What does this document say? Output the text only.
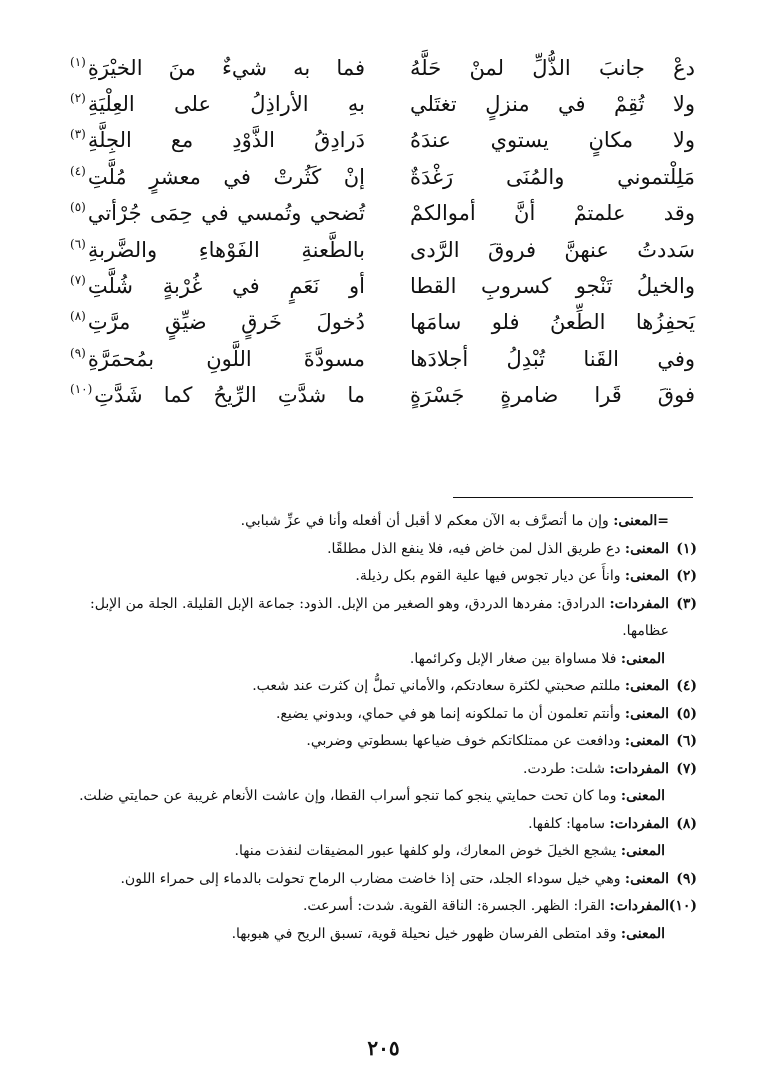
دعْ جانبَ الذُّلِّ لمنْ حَلَّهُ
فما به شيءٌ منَ الخيْرَةِ$^{(١)}$
ولا تُقِمْ في منزلٍ تغتَلي
بهِ الأراذِلُ على العِلْيَةِ$^{(٢)}$
ولا مكانٍ يستوي عندَهُ
دَرادِقُ الذَّوْدِ مع الجِلَّةِ$^{(٣)}$
مَلِلْتموني والمُنَى رَغْدَةٌ
إنْ كَثُرتْ في معشرٍ مُلَّتِ$^{(٤)}$
وقد علمتمْ أنَّ أموالكمْ
تُضحي وتُمسي في حِمَى جُرْأتي$^{(٥)}$
سَددتُ عنهنَّ فروقَ الرَّدى
بالطَّعنةِ الفَوْهاءِ والضَّربةِ$^{(٦)}$
والخيلُ تَنْجو كسروبِ القطا
أو نَعَمٍ في غُرْبةٍ شُلَّتِ$^{(٧)}$
يَحفِزُها الطِّعنُ فلو سامَها
دُخولَ خَرقٍ ضيِّقٍ مرَّتِ$^{(٨)}$
وفي القَنا تُبْدِلُ أجلادَها
مسودَّةَ اللَّونِ بمُحمَرَّةِ$^{(٩)}$
فوقَ قَرا ضامرةٍ جَسْرَةٍ
ما شدَّتِ الرِّيحُ كما شَدَّتِ$^{(١٠)}$
=المعنى: وإن ما أتصرَّف به الآن معكم لا أقبل أن أفعله وأنا في عزِّ شبابي.
(١)
المعنى: دع طريق الذل لمن خاض فيه، فلا ينفع الذل مطلقًا.
(٢)
المعنى: وانأَ عن ديار تجوس فيها علية القوم بكل رذيلة.
(٣)
المفردات: الدرادق: مفردها الدردق، وهو الصغير من الإبل. الذود: جماعة الإبل القليلة. الجلة من الإبل: عظامها.
المعنى: فلا مساواة بين صغار الإبل وكرائمها.
(٤)
المعنى: مللتم صحبتي لكثرة سعادتكم، والأماني تملُّ إن كثرت عند شعب.
(٥)
المعنى: وأنتم تعلمون أن ما تملكونه إنما هو في حماي، وبدوني يضيع.
(٦)
المعنى: ودافعت عن ممتلكاتكم خوف ضياعها بسطوتي وضربي.
(٧)
المفردات: شلت: طردت.
المعنى: وما كان تحت حمايتي ينجو كما تنجو أسراب القطا، وإن عاشت الأنعام غريبة عن حمايتي ضلت.
(٨)
المفردات: سامها: كلفها.
المعنى: يشجع الخيلَ خوض المعارك، ولو كلفها عبور المضيقات لنفذت منها.
(٩)
المعنى: وهي خيل سوداء الجلد، حتى إذا خاضت مضارب الرماح تحولت بالدماء إلى حمراء اللون.
(١٠)
المفردات: القرا: الظهر. الجسرة: الناقة القوية. شدت: أسرعت.
المعنى: وقد امتطى الفرسان ظهور خيل نحيلة قوية، تسبق الريح في هبوبها.
٢٠٥
